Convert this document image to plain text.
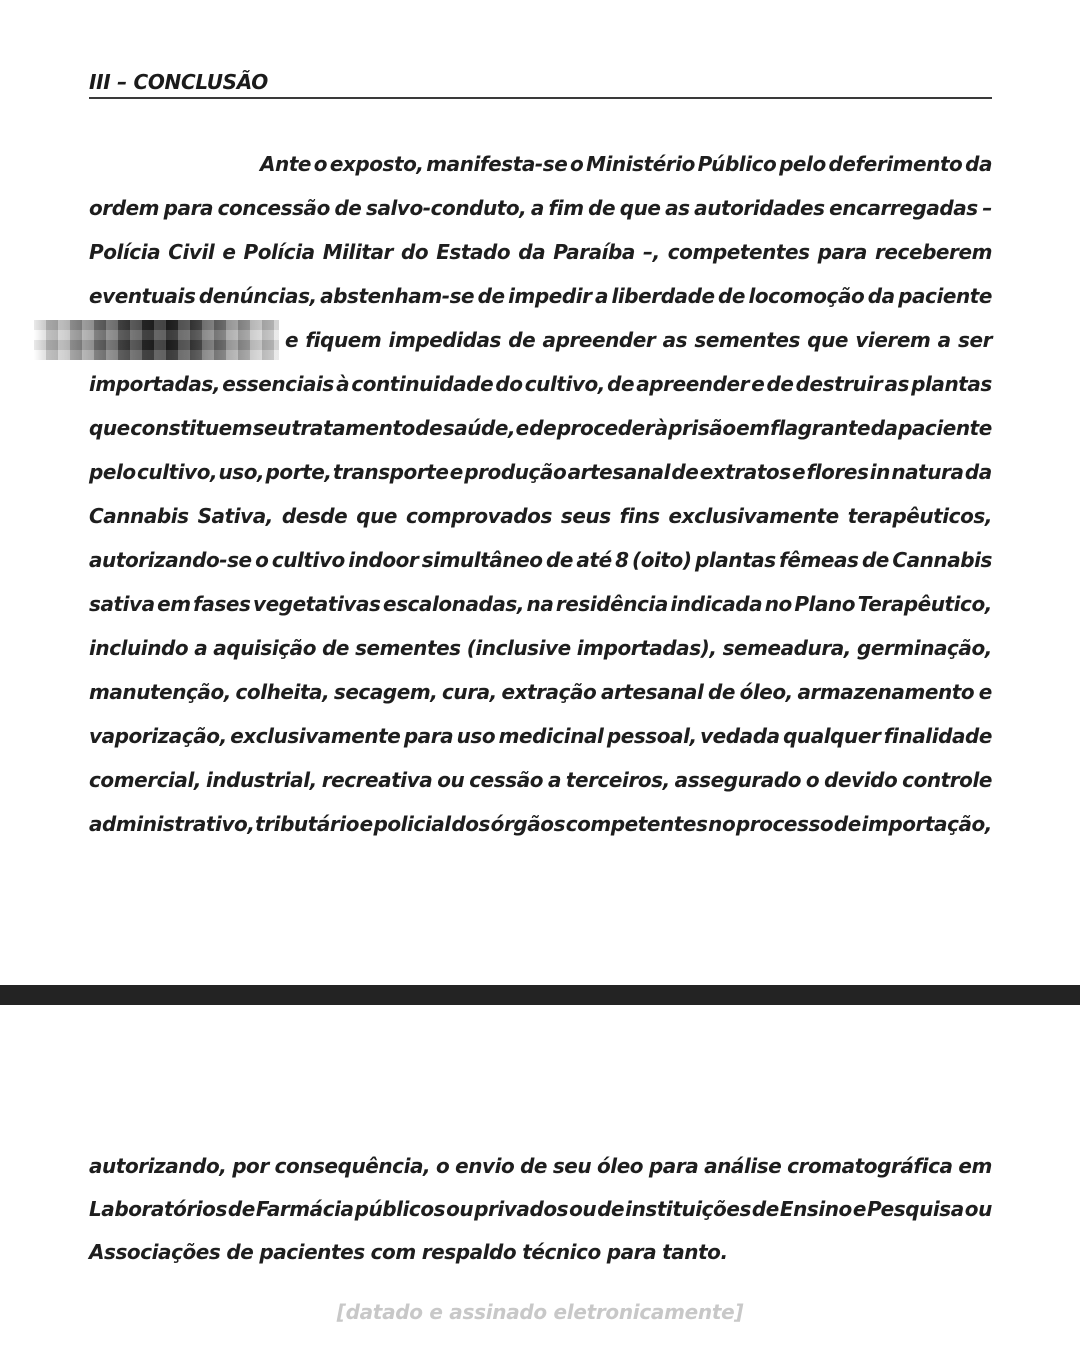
III – CONCLUSÃO
Ante o exposto, manifesta-se o Ministério Público pelo deferimento da
ordem para concessão de salvo-conduto, a fim de que as autoridades encarregadas –
Polícia Civil e Polícia Militar do Estado da Paraíba –, competentes para receberem
eventuais denúncias, abstenham-se de impedir a liberdade de locomoção da paciente
e fiquem impedidas de apreender as sementes que vierem a ser
importadas, essenciais à continuidade do cultivo, de apreender e de destruir as plantas
que constituem seu tratamento de saúde, e de proceder à prisão em flagrante da paciente
pelo cultivo, uso, porte, transporte e produção artesanal de extratos e flores in natura da
Cannabis Sativa, desde que comprovados seus fins exclusivamente terapêuticos,
autorizando-se o cultivo indoor simultâneo de até 8 (oito) plantas fêmeas de Cannabis
sativa em fases vegetativas escalonadas, na residência indicada no Plano Terapêutico,
incluindo a aquisição de sementes (inclusive importadas), semeadura, germinação,
manutenção, colheita, secagem, cura, extração artesanal de óleo, armazenamento e
vaporização, exclusivamente para uso medicinal pessoal, vedada qualquer finalidade
comercial, industrial, recreativa ou cessão a terceiros, assegurado o devido controle
administrativo, tributário e policial dos órgãos competentes no processo de importação,
autorizando, por consequência, o envio de seu óleo para análise cromatográfica em
Laboratórios de Farmácia públicos ou privados ou de instituições de Ensino e Pesquisa ou
Associações de pacientes com respaldo técnico para tanto.
[datado e assinado eletronicamente]
